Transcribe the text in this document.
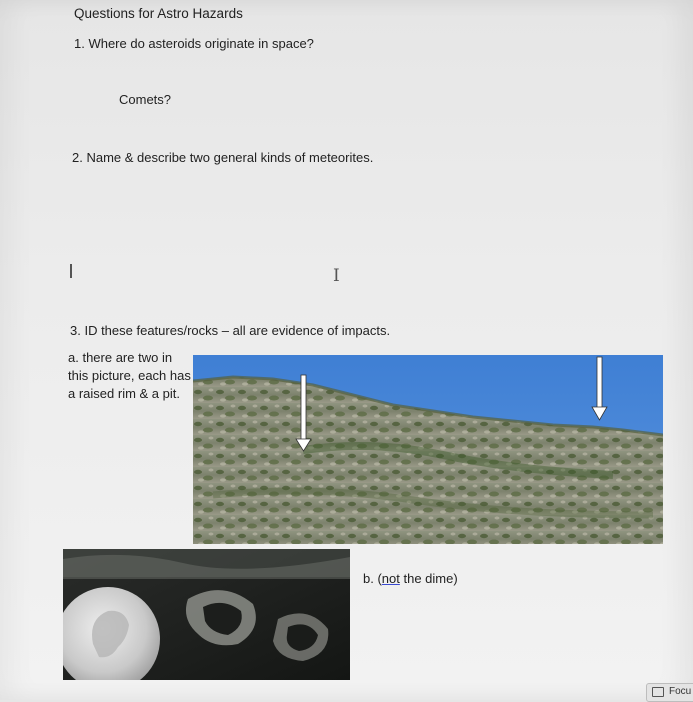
Questions for Astro Hazards
1. Where do asteroids originate in space?
Comets?
2. Name & describe two general kinds of meteorites.
I
3. ID these features/rocks – all are evidence of impacts.
a. there are two in this picture, each has a raised rim & a pit.
b. (not the dime)
Focu
